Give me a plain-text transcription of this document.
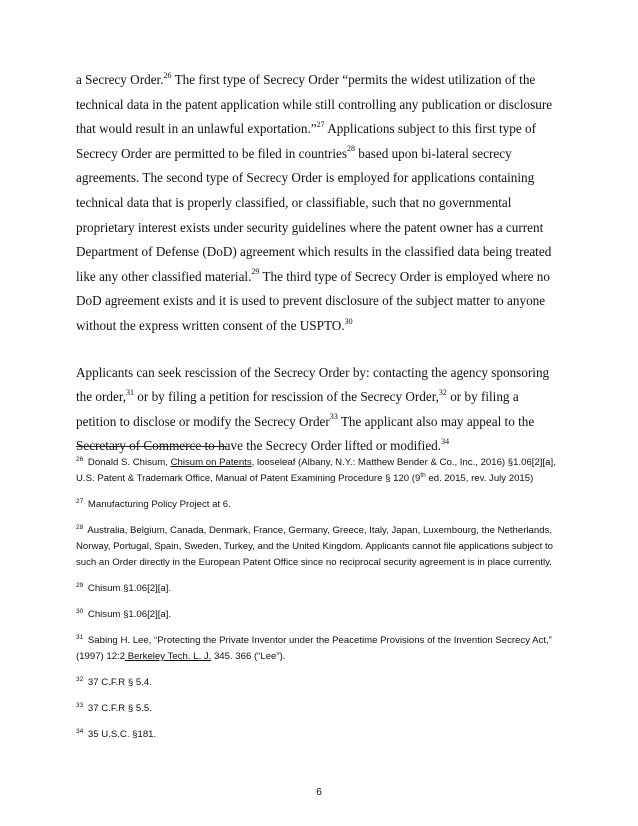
a Secrecy Order.$^{26}$ The first type of Secrecy Order “permits the widest utilization of the technical data in the patent application while still controlling any publication or disclosure that would result in an unlawful exportation.”$^{27}$ Applications subject to this first type of Secrecy Order are permitted to be filed in countries$^{28}$ based upon bi-lateral secrecy agreements. The second type of Secrecy Order is employed for applications containing technical data that is properly classified, or classifiable, such that no governmental proprietary interest exists under security guidelines where the patent owner has a current Department of Defense (DoD) agreement which results in the classified data being treated like any other classified material.$^{29}$ The third type of Secrecy Order is employed where no DoD agreement exists and it is used to prevent disclosure of the subject matter to anyone without the express written consent of the USPTO.$^{30}$

Applicants can seek rescission of the Secrecy Order by: contacting the agency sponsoring the order,$^{31}$ or by filing a petition for rescission of the Secrecy Order,$^{32}$ or by filing a petition to disclose or modify the Secrecy Order$^{33}$ The applicant also may appeal to the Secretary of Commerce to have the Secrecy Order lifted or modified.$^{34}$

$^{26}$ Donald S. Chisum, Chisum on Patents, looseleaf (Albany, N.Y.: Matthew Bender & Co., Inc., 2016) §1.06[2][a], U.S. Patent & Trademark Office, Manual of Patent Examining Procedure § 120 (9th ed. 2015, rev. July 2015)

$^{27}$ Manufacturing Policy Project at 6.

$^{28}$ Australia, Belgium, Canada, Denmark, France, Germany, Greece, Italy, Japan, Luxembourg, the Netherlands, Norway, Portugal, Spain, Sweden, Turkey, and the United Kingdom. Applicants cannot file applications subject to such an Order directly in the European Patent Office since no reciprocal security agreement is in place currently.

$^{29}$ Chisum §1.06[2][a].

$^{30}$ Chisum §1.06[2][a].

$^{31}$ Sabing H. Lee, “Protecting the Private Inventor under the Peacetime Provisions of the Invention Secrecy Act,” (1997) 12:2 Berkeley Tech. L. J. 345. 366 (“Lee”).

$^{32}$ 37 C.F.R § 5.4.

$^{33}$ 37 C.F.R § 5.5.

$^{34}$ 35 U.S.C. §181.

6
